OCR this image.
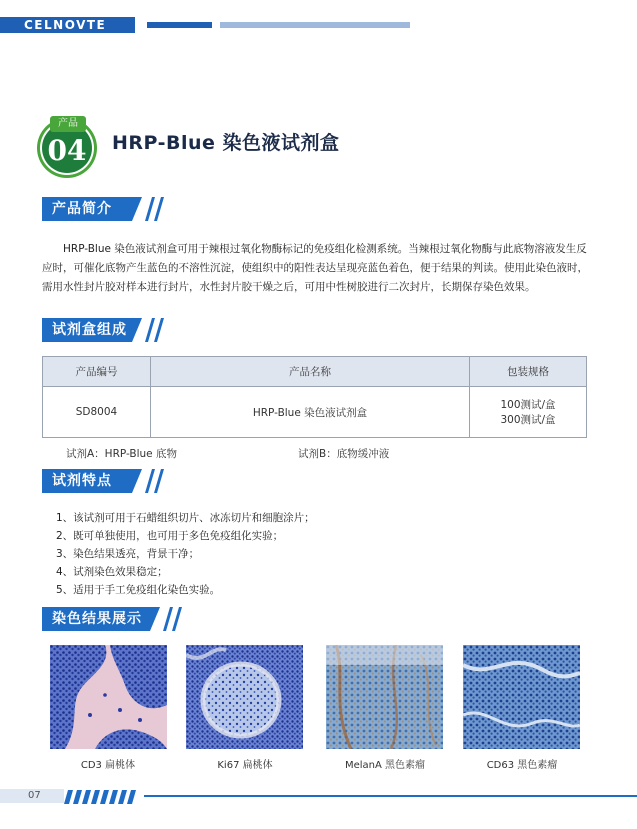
CELNOVTE
产品
04	HRP-Blue 染色液试剂盒
产品简介
HRP-Blue 染色液试剂盒可用于辣根过氧化物酶标记的免疫组化检测系统。当辣根过氧化物酶与此底物溶液发生反应时，可催化底物产生蓝色的不溶性沉淀，使组织中的阳性表达呈现亮蓝色着色，便于结果的判读。使用此染色液时，需用水性封片胶对样本进行封片，水性封片胶干燥之后，可用中性树胶进行二次封片，长期保存染色效果。
试剂盒组成
产品编号	产品名称	包装规格
SD8004	HRP-Blue 染色液试剂盒	100测试/盒
300测试/盒
试剂A：HRP-Blue 底物	试剂B：底物缓冲液
试剂特点
1、该试剂可用于石蜡组织切片、冰冻切片和细胞涂片；
2、既可单独使用，也可用于多色免疫组化实验；
3、染色结果透亮，背景干净；
4、试剂染色效果稳定；
5、适用于手工免疫组化染色实验。
染色结果展示
CD3 扁桃体	Ki67 扁桃体	MelanA 黑色素瘤	CD63 黑色素瘤
07
